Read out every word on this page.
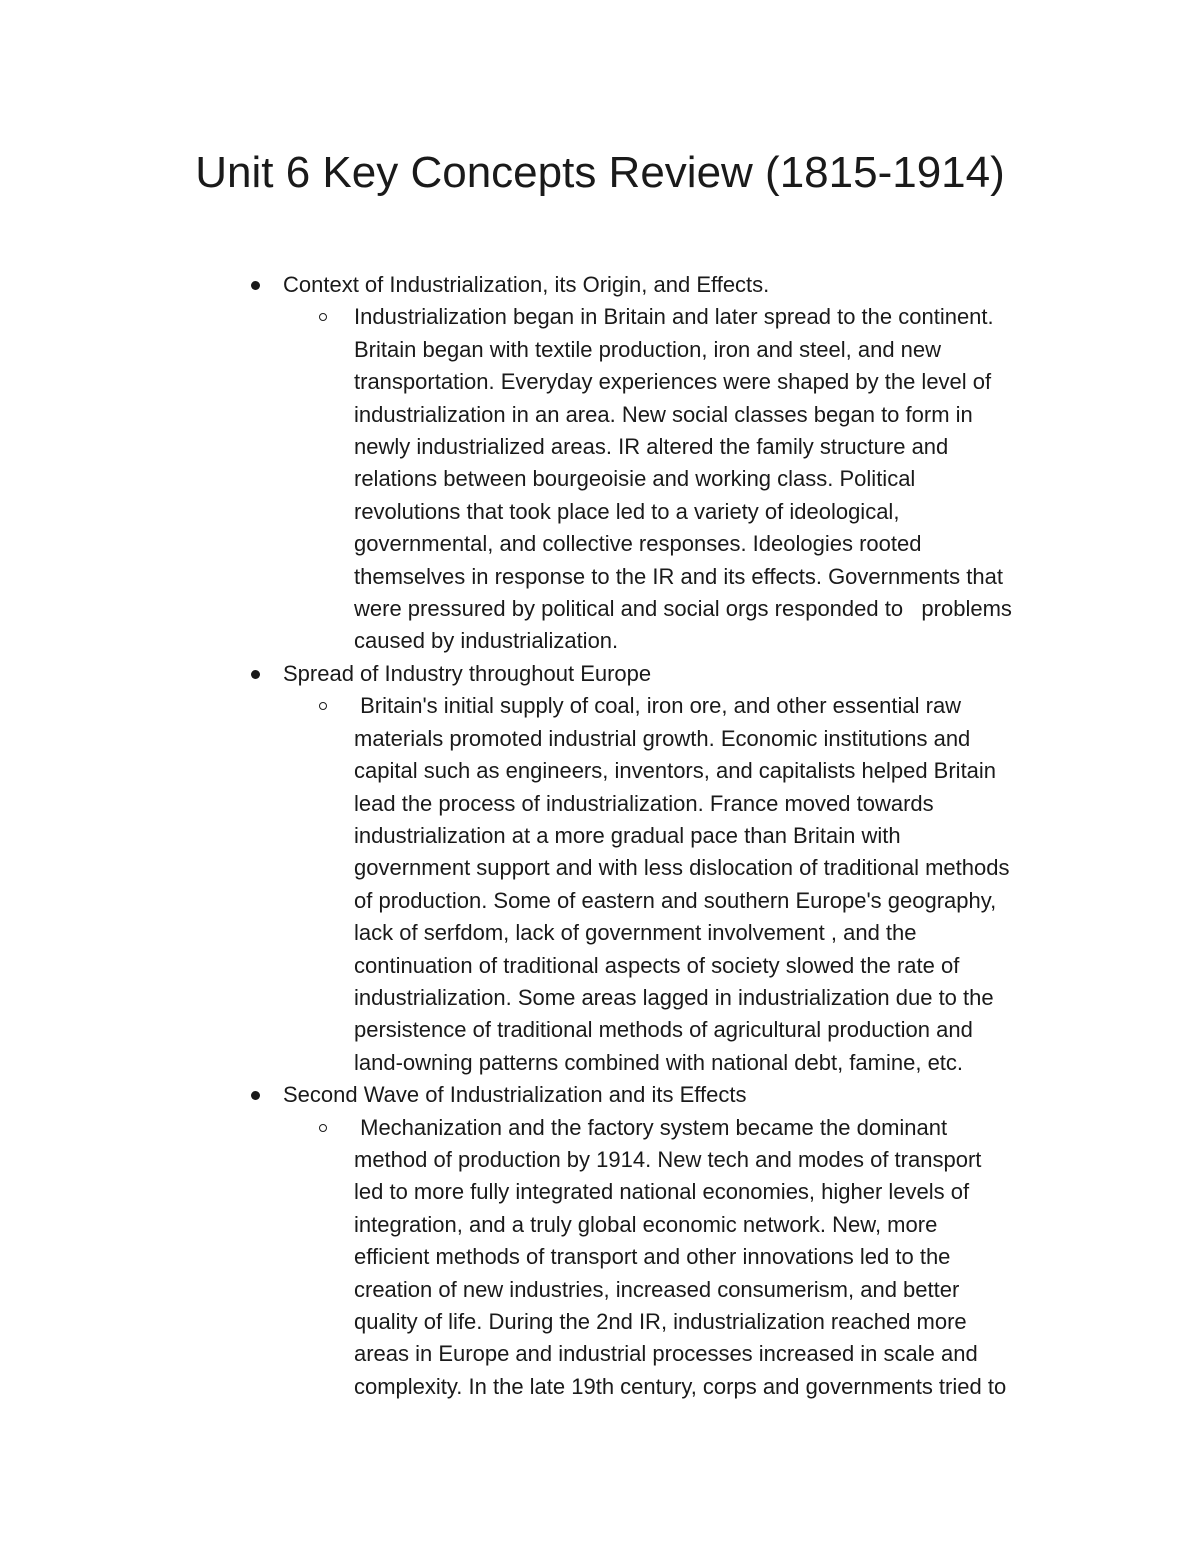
Unit 6 Key Concepts Review (1815-1914)
Context of Industrialization, its Origin, and Effects.
Industrialization began in Britain and later spread to the continent.
Britain began with textile production, iron and steel, and new
transportation. Everyday experiences were shaped by the level of
industrialization in an area. New social classes began to form in
newly industrialized areas. IR altered the family structure and
relations between bourgeoisie and working class. Political
revolutions that took place led to a variety of ideological,
governmental, and collective responses. Ideologies rooted
themselves in response to the IR and its effects. Governments that
were pressured by political and social orgs responded to   problems
caused by industrialization.
Spread of Industry throughout Europe
Britain's initial supply of coal, iron ore, and other essential raw
materials promoted industrial growth. Economic institutions and
capital such as engineers, inventors, and capitalists helped Britain
lead the process of industrialization. France moved towards
industrialization at a more gradual pace than Britain with
government support and with less dislocation of traditional methods
of production. Some of eastern and southern Europe's geography,
lack of serfdom, lack of government involvement , and the
continuation of traditional aspects of society slowed the rate of
industrialization. Some areas lagged in industrialization due to the
persistence of traditional methods of agricultural production and
land-owning patterns combined with national debt, famine, etc.
Second Wave of Industrialization and its Effects
Mechanization and the factory system became the dominant
method of production by 1914. New tech and modes of transport
led to more fully integrated national economies, higher levels of
integration, and a truly global economic network. New, more
efficient methods of transport and other innovations led to the
creation of new industries, increased consumerism, and better
quality of life. During the 2nd IR, industrialization reached more
areas in Europe and industrial processes increased in scale and
complexity. In the late 19th century, corps and governments tried to
